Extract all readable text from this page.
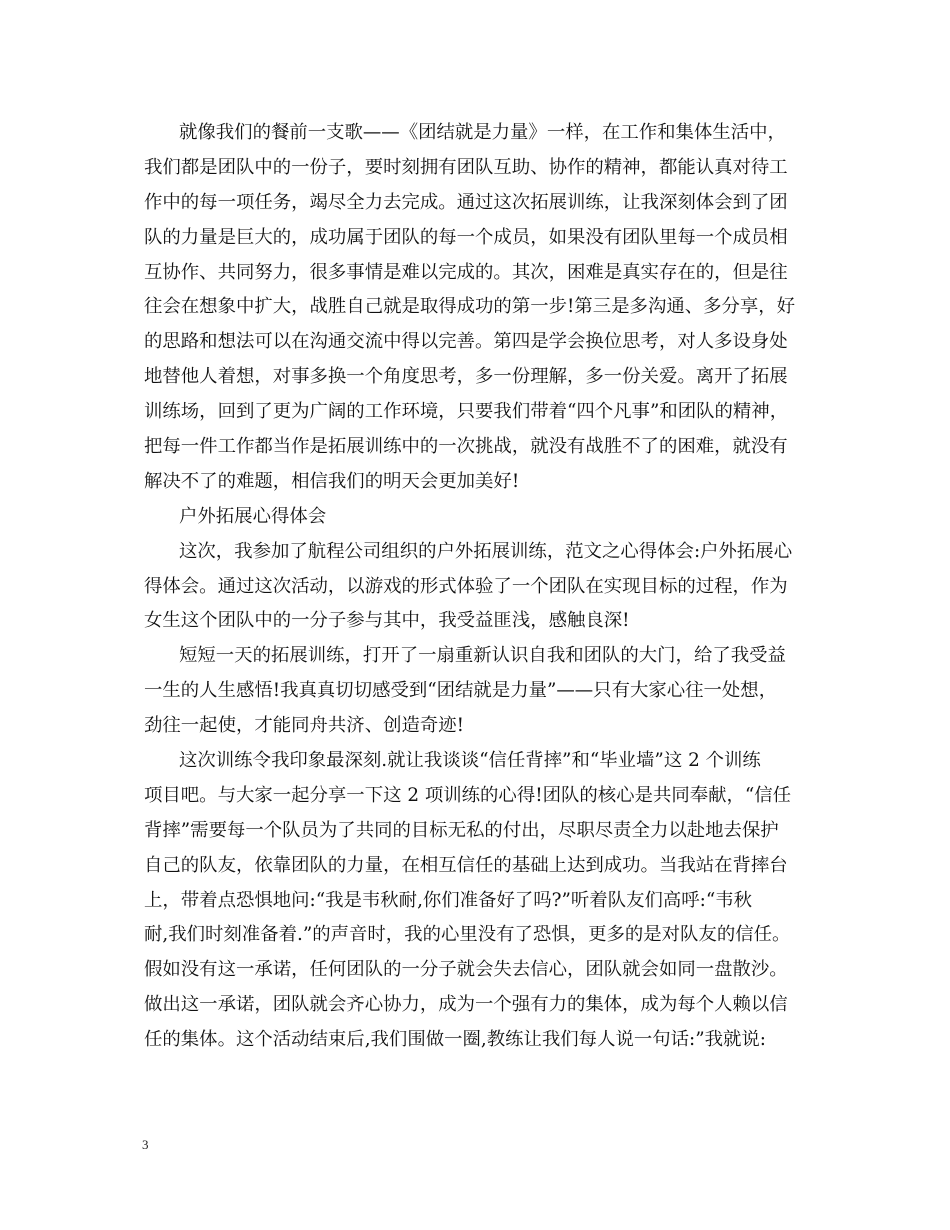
就像我们的餐前一支歌——《团结就是力量》一样，在工作和集体生活中，
我们都是团队中的一份子，要时刻拥有团队互助、协作的精神，都能认真对待工
作中的每一项任务，竭尽全力去完成。通过这次拓展训练，让我深刻体会到了团
队的力量是巨大的，成功属于团队的每一个成员，如果没有团队里每一个成员相
互协作、共同努力，很多事情是难以完成的。其次，困难是真实存在的，但是往
往会在想象中扩大，战胜自己就是取得成功的第一步!第三是多沟通、多分享，好
的思路和想法可以在沟通交流中得以完善。第四是学会换位思考，对人多设身处
地替他人着想，对事多换一个角度思考，多一份理解，多一份关爱。离开了拓展
训练场，回到了更为广阔的工作环境，只要我们带着“四个凡事”和团队的精神，
把每一件工作都当作是拓展训练中的一次挑战，就没有战胜不了的困难，就没有
解决不了的难题，相信我们的明天会更加美好!
户外拓展心得体会
这次，我参加了航程公司组织的户外拓展训练，范文之心得体会:户外拓展心
得体会。通过这次活动，以游戏的形式体验了一个团队在实现目标的过程，作为
女生这个团队中的一分子参与其中，我受益匪浅，感触良深!
短短一天的拓展训练，打开了一扇重新认识自我和团队的大门，给了我受益
一生的人生感悟!我真真切切感受到“团结就是力量”——只有大家心往一处想，
劲往一起使，才能同舟共济、创造奇迹!
这次训练令我印象最深刻.就让我谈谈“信任背摔”和“毕业墙”这 2 个训练
项目吧。与大家一起分享一下这 2 项训练的心得!团队的核心是共同奉献，“信任
背摔”需要每一个队员为了共同的目标无私的付出，尽职尽责全力以赴地去保护
自己的队友，依靠团队的力量，在相互信任的基础上达到成功。当我站在背摔台
上，带着点恐惧地问:“我是韦秋耐,你们准备好了吗?”听着队友们高呼:“韦秋
耐,我们时刻准备着.”的声音时，我的心里没有了恐惧，更多的是对队友的信任。
假如没有这一承诺，任何团队的一分子就会失去信心，团队就会如同一盘散沙。
做出这一承诺，团队就会齐心协力，成为一个强有力的集体，成为每个人赖以信
任的集体。这个活动结束后,我们围做一圈,教练让我们每人说一句话:”我就说:
3
